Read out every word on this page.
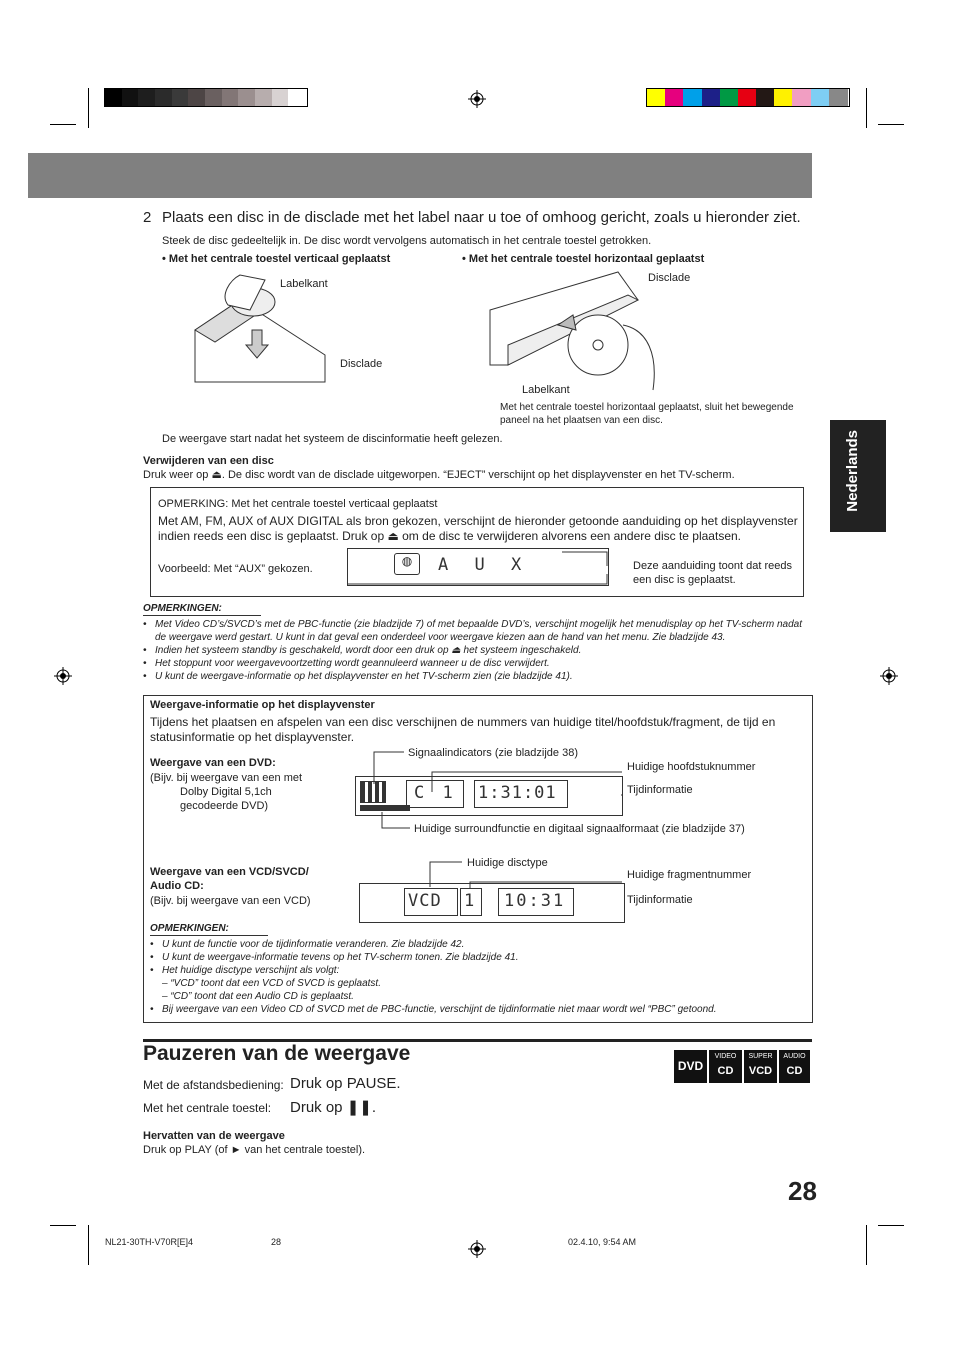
Nederlands
2 Plaats een disc in de disclade met het label naar u toe of omhoog gericht, zoals u hieronder ziet.
Steek de disc gedeeltelijk in. De disc wordt vervolgens automatisch in het centrale toestel getrokken.
• Met het centrale toestel verticaal geplaatst	• Met het centrale toestel horizontaal geplaatst
Labelkant
Disclade
Disclade
Labelkant
Met het centrale toestel horizontaal geplaatst, sluit het bewegende paneel na het plaatsen van een disc.
De weergave start nadat het systeem de discinformatie heeft gelezen.
Verwijderen van een disc
Druk weer op ⏏. De disc wordt van de disclade uitgeworpen. “EJECT” verschijnt op het displayvenster en het TV-scherm.
OPMERKING: Met het centrale toestel verticaal geplaatst
Met AM, FM, AUX of AUX DIGITAL als bron gekozen, verschijnt de hieronder getoonde aanduiding op het displayvenster indien reeds een disc is geplaatst. Druk op ⏏ om de disc te verwijderen alvorens een andere disc te plaatsen.
Voorbeeld: Met “AUX” gekozen.
◍	A U X	Deze aanduiding toont dat reeds een disc is geplaatst.
OPMERKINGEN:
• Met Video CD’s/SVCD’s met de PBC-functie (zie bladzijde 7) of met bepaalde DVD’s, verschijnt mogelijk het menudisplay op het TV-scherm nadat de weergave werd gestart. U kunt in dat geval een onderdeel voor weergave kiezen aan de hand van het menu. Zie bladzijde 43.
• Indien het systeem standby is geschakeld, wordt door een druk op ⏏ het systeem ingeschakeld.
• Het stoppunt voor weergavevoortzetting wordt geannuleerd wanneer u de disc verwijdert.
• U kunt de weergave-informatie op het displayvenster en het TV-scherm zien (zie bladzijde 41).
Weergave-informatie op het displayvenster
Tijdens het plaatsen en afspelen van een disc verschijnen de nummers van huidige titel/hoofdstuk/fragment, de tijd en statusinformatie op het displayvenster.
Weergave van een DVD:
(Bijv. bij weergave van een met
Dolby Digital 5,1ch
gecodeerde DVD)
C 1 1:31:01
Signaalindicators (zie bladzijde 38)
Huidige hoofdstuknummer
Tijdinformatie
Huidige surroundfunctie en digitaal signaalformaat (zie bladzijde 37)
Weergave van een VCD/SVCD/
Audio CD:
(Bijv. bij weergave van een VCD)	VCD 1 10:31
Huidige disctype
Huidige fragmentnummer
Tijdinformatie
OPMERKINGEN:
• U kunt de functie voor de tijdinformatie veranderen. Zie bladzijde 42.
• U kunt de weergave-informatie tevens op het TV-scherm tonen. Zie bladzijde 41.
• Het huidige disctype verschijnt als volgt:
– “VCD” toont dat een VCD of SVCD is geplaatst.
– “CD” toont dat een Audio CD is geplaatst.
• Bij weergave van een Video CD of SVCD met de PBC-functie, verschijnt de tijdinformatie niet maar wordt wel “PBC” getoond.
Pauzeren van de weergave
DVD
VIDEO
CD
SUPER
VCD
AUDIO
CD
Met de afstandsbediening: Druk op PAUSE.
Met het centrale toestel: Druk op ❚❚.
Hervatten van de weergave
Druk op PLAY (of ► van het centrale toestel).
28
NL21-30TH-V70R[E]4	28	02.4.10, 9:54 AM
